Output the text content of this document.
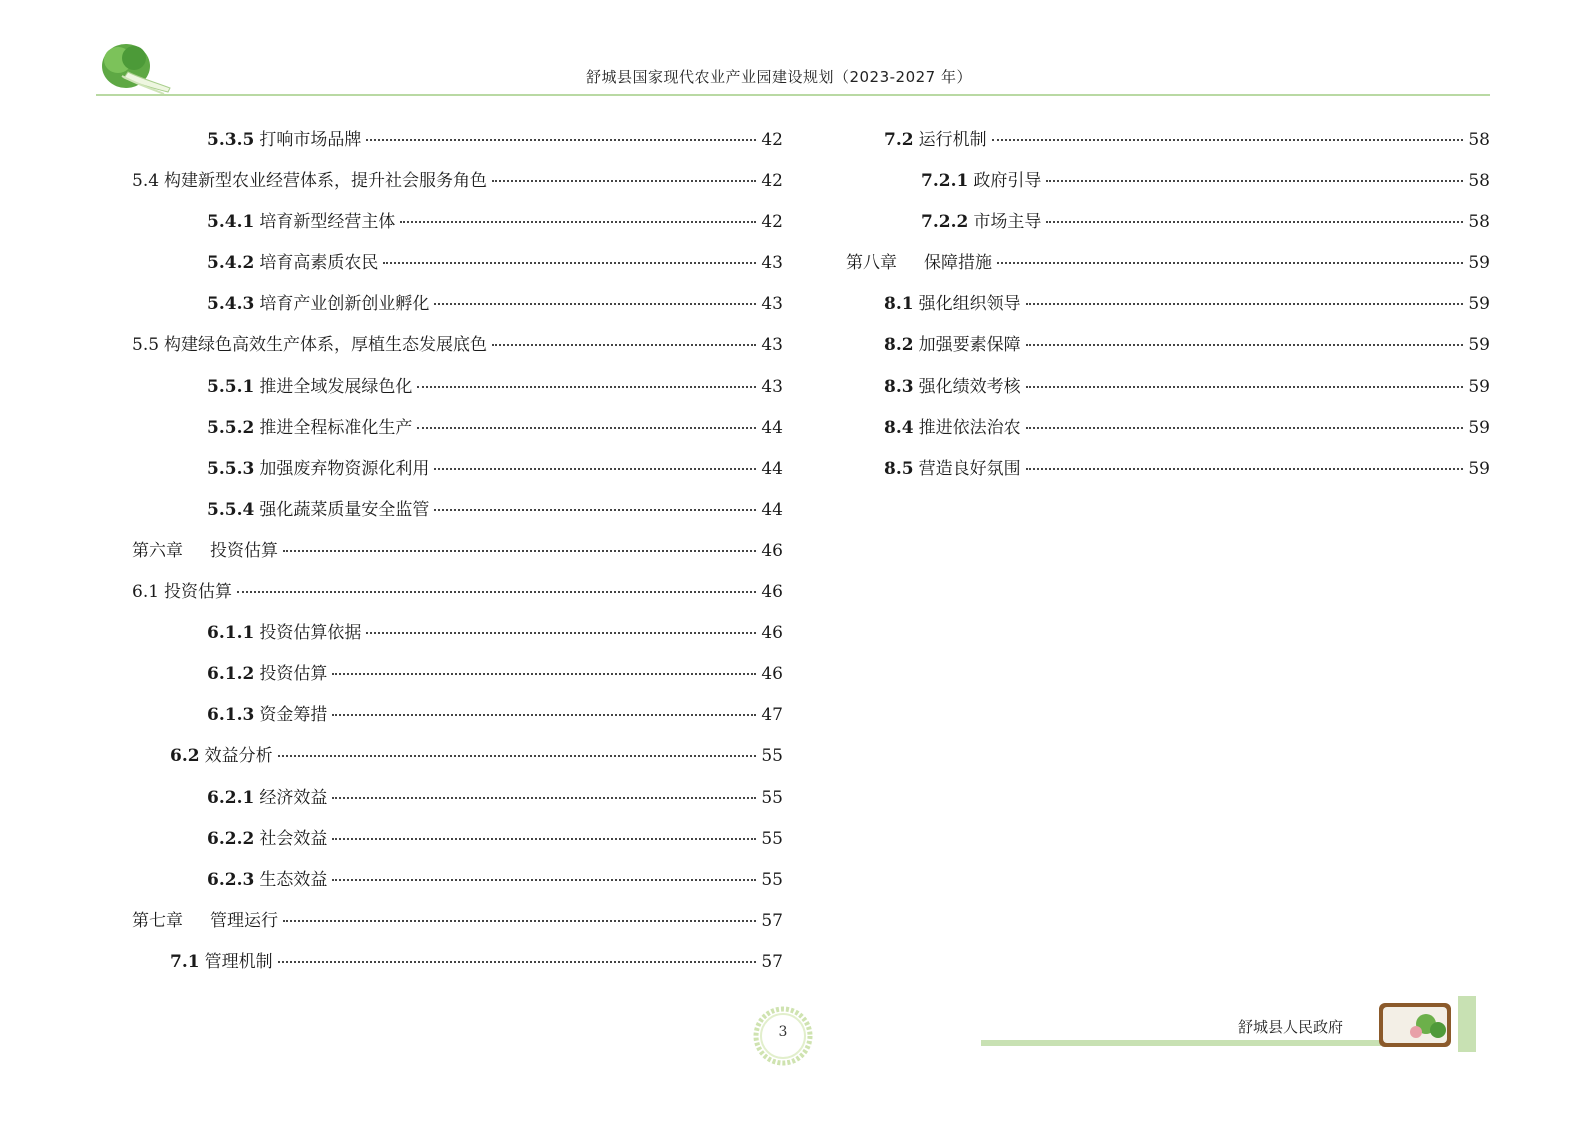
舒城县国家现代农业产业园建设规划（2023-2027 年）
5.3.5 打响市场品牌	42
5.4 构建新型农业经营体系，提升社会服务角色	42
5.4.1 培育新型经营主体	42
5.4.2 培育高素质农民	43
5.4.3 培育产业创新创业孵化	43
5.5 构建绿色高效生产体系，厚植生态发展底色	43
5.5.1 推进全域发展绿色化	43
5.5.2 推进全程标准化生产	44
5.5.3 加强废弃物资源化利用	44
5.5.4 强化蔬菜质量安全监管	44
第六章 投资估算	46
6.1 投资估算	46
6.1.1 投资估算依据	46
6.1.2 投资估算	46
6.1.3 资金筹措	47
6.2 效益分析	55
6.2.1 经济效益	55
6.2.2 社会效益	55
6.2.3 生态效益	55
第七章 管理运行	57
7.1 管理机制	57
7.2 运行机制	58
7.2.1 政府引导	58
7.2.2 市场主导	58
第八章 保障措施	59
8.1 强化组织领导	59
8.2 加强要素保障	59
8.3 强化绩效考核	59
8.4 推进依法治农	59
8.5 营造良好氛围	59
3	舒城县人民政府
